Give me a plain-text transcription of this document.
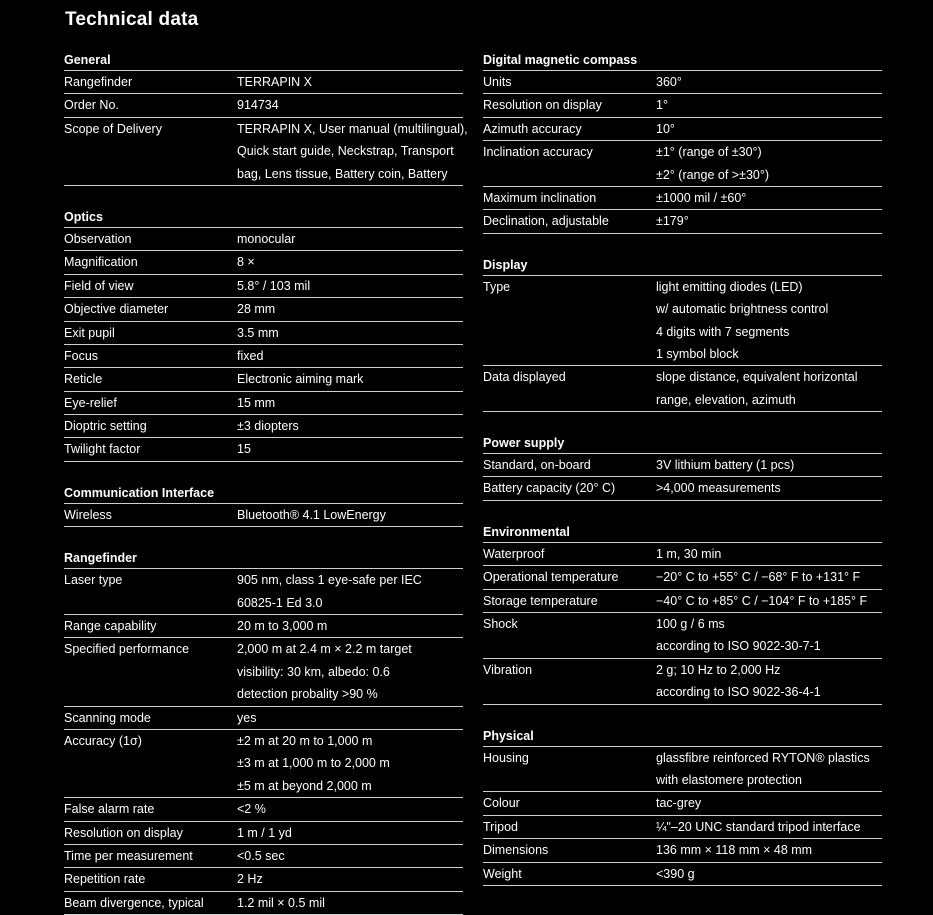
Technical data
General
Rangefinder	TERRAPIN X
Order No.	914734
Scope of Delivery	TERRAPIN X, User manual (multilingual),
Quick start guide, Neckstrap, Transport
bag, Lens tissue, Battery coin, Battery
Optics
Observation	monocular
Magnification	8 ×
Field of view	5.8° / 103 mil
Objective diameter	28 mm
Exit pupil	3.5 mm
Focus	fixed
Reticle	Electronic aiming mark
Eye-relief	15 mm
Dioptric setting	±3 diopters
Twilight factor	15
Communication Interface
Wireless	Bluetooth® 4.1 LowEnergy
Rangefinder
Laser type	905 nm, class 1 eye-safe per IEC
60825-1 Ed 3.0
Range capability	20 m to 3,000 m
Specified performance	2,000 m at 2.4 m × 2.2 m target
visibility: 30 km, albedo: 0.6
detection probality >90 %
Scanning mode	yes
Accuracy (1σ)	±2 m at 20 m to 1,000 m
±3 m at 1,000 m to 2,000 m
±5 m at beyond 2,000 m
False alarm rate	<2 %
Resolution on display	1 m / 1 yd
Time per measurement	<0.5 sec
Repetition rate	2 Hz
Beam divergence, typical	1.2 mil × 0.5 mil
Digital magnetic compass
Units	360°
Resolution on display	1°
Azimuth accuracy	10°
Inclination accuracy	±1° (range of ±30°)
±2° (range of >±30°)
Maximum inclination	±1000 mil / ±60°
Declination, adjustable	±179°
Display
Type	light emitting diodes (LED)
w/ automatic brightness control
4 digits with 7 segments
1 symbol block
Data displayed	slope distance, equivalent horizontal
range, elevation, azimuth
Power supply
Standard, on-board	3V lithium battery (1 pcs)
Battery capacity (20° C)	>4,000 measurements
Environmental
Waterproof	1 m, 30 min
Operational temperature	−20° C to +55° C / −68° F to +131° F
Storage temperature	−40° C to +85° C / −104° F to +185° F
Shock	100 g / 6 ms
according to ISO 9022-30-7-1
Vibration	2 g; 10 Hz to 2,000 Hz
according to ISO 9022-36-4-1
Physical
Housing	glassfibre reinforced RYTON® plastics
with elastomere protection
Colour	tac-grey
Tripod	¼"–20 UNC standard tripod interface
Dimensions	136 mm × 118 mm × 48 mm
Weight	<390 g
